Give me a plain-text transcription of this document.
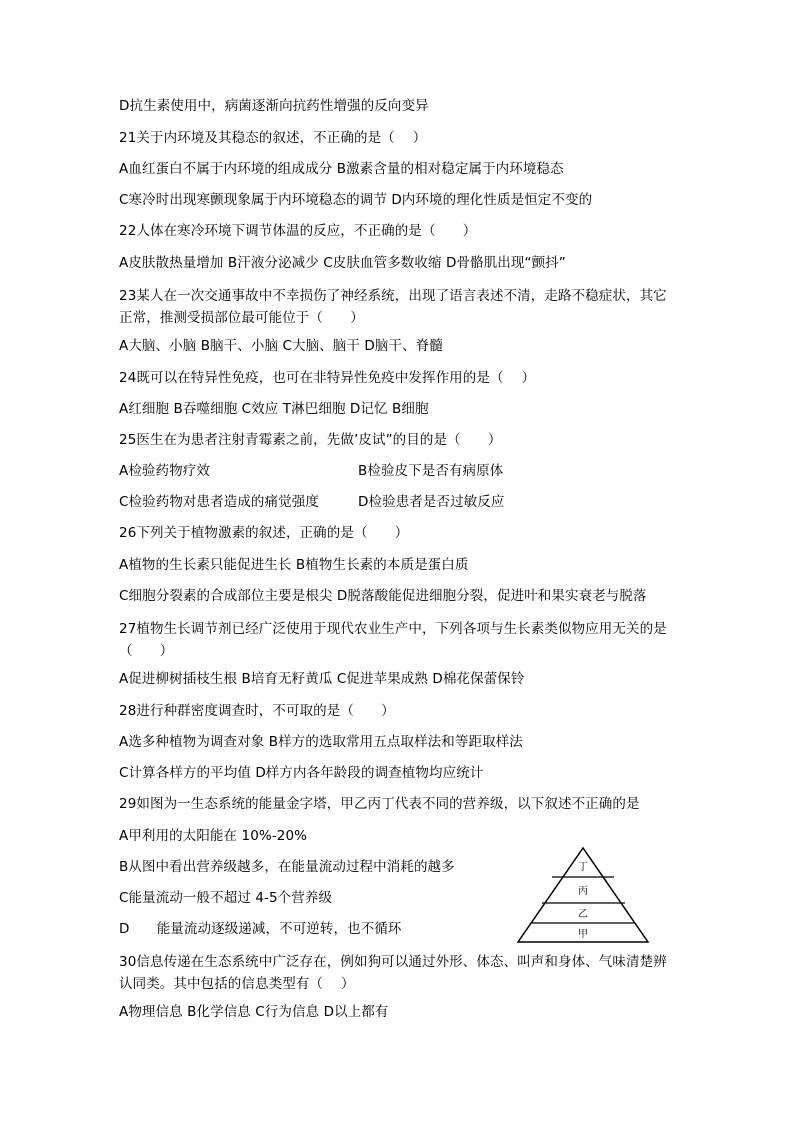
D抗生素使用中，病菌逐渐向抗药性增强的反向变异
21关于内环境及其稳态的叙述，不正确的是（　 ）
A血红蛋白不属于内环境的组成成分 B激素含量的相对稳定属于内环境稳态
C寒冷时出现寒颤现象属于内环境稳态的调节 D内环境的理化性质是恒定不变的
22人体在寒冷环境下调节体温的反应，不正确的是（　　）
A皮肤散热量增加 B汗液分泌减少 C皮肤血管多数收缩 D骨骼肌出现“颤抖”
23某人在一次交通事故中不幸损伤了神经系统，出现了语言表述不清，走路不稳症状，其它正常，推测受损部位最可能位于（　　）
A大脑、小脑 B脑干、小脑 C大脑、脑干 D脑干、脊髓
24既可以在特异性免疫，也可在非特异性免疫中发挥作用的是（　 ）
A红细胞 B吞噬细胞 C效应 T淋巴细胞 D记忆 B细胞
25医生在为患者注射青霉素之前，先做’皮试”的目的是（　　）
A检验药物疗效	B检验皮下是否有病原体
C检验药物对患者造成的痛觉强度	D检验患者是否过敏反应
26下列关于植物激素的叙述，正确的是（　　）
A植物的生长素只能促进生长 B植物生长素的本质是蛋白质
C细胞分裂素的合成部位主要是根尖 D脱落酸能促进细胞分裂，促进叶和果实衰老与脱落
27植物生长调节剂已经广泛使用于现代农业生产中，下列各项与生长素类似物应用无关的是（　　）
A促进柳树插枝生根 B培育无籽黄瓜 C促进苹果成熟 D棉花保蕾保铃
28进行种群密度调查时，不可取的是（　　）
A选多种植物为调查对象 B样方的选取常用五点取样法和等距取样法
C计算各样方的平均值 D样方内各年龄段的调查植物均应统计
29如图为一生态系统的能量金字塔，甲乙丙丁代表不同的营养级，以下叙述不正确的是
A甲利用的太阳能在 10%-20%
B从图中看出营养级越多，在能量流动过程中消耗的越多
C能量流动一般不超过 4-5个营养级
D　　能量流动逐级递减，不可逆转，也不循环
30信息传递在生态系统中广泛存在，例如狗可以通过外形、体态、叫声和身体、气味清楚辨认同类。其中包括的信息类型有（　 ）
A物理信息 B化学信息 C行为信息 D以上都有
丁
丙
乙
甲
